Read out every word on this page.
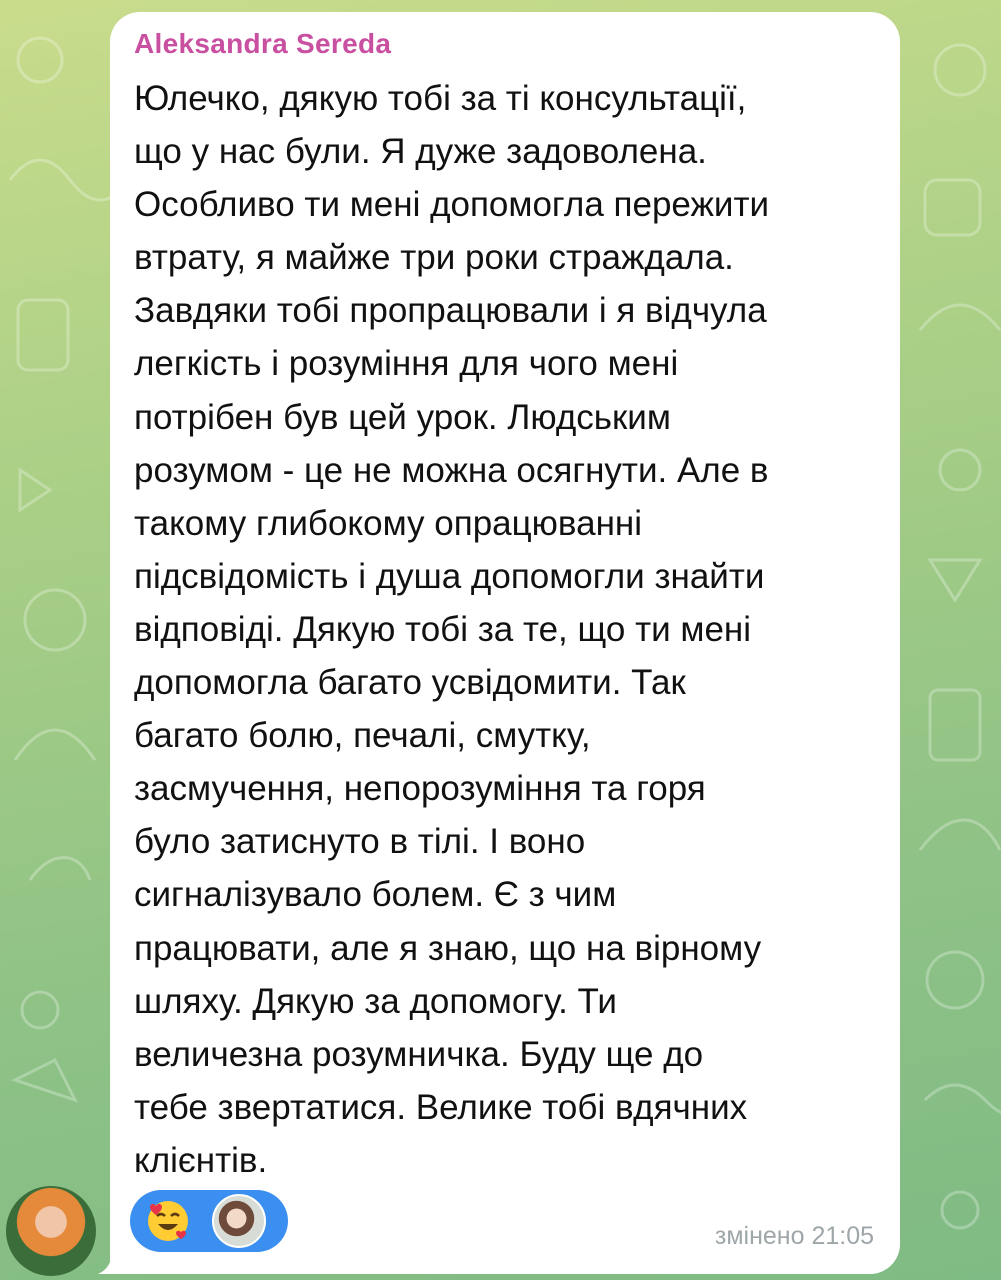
Aleksandra Sereda
Юлечко, дякую тобі за ті консультації,
що у нас були. Я дуже задоволена.
Особливо ти мені допомогла пережити
втрату, я майже три роки страждала.
Завдяки тобі пропрацювали і я відчула
легкість і розуміння для чого мені
потрібен був цей урок. Людським
розумом - це не можна осягнути. Але в
такому глибокому опрацюванні
підсвідомість і душа допомогли знайти
відповіді. Дякую тобі за те, що ти мені
допомогла багато усвідомити. Так
багато болю, печалі, смутку,
засмучення, непорозуміння та горя
було затиснуто в тілі. І воно
сигналізувало болем. Є з чим
працювати, але я знаю, що на вірному
шляху. Дякую за допомогу. Ти
величезна розумничка. Буду ще до
тебе звертатися. Велике тобі вдячних
клієнтів.
змінено 21:05
